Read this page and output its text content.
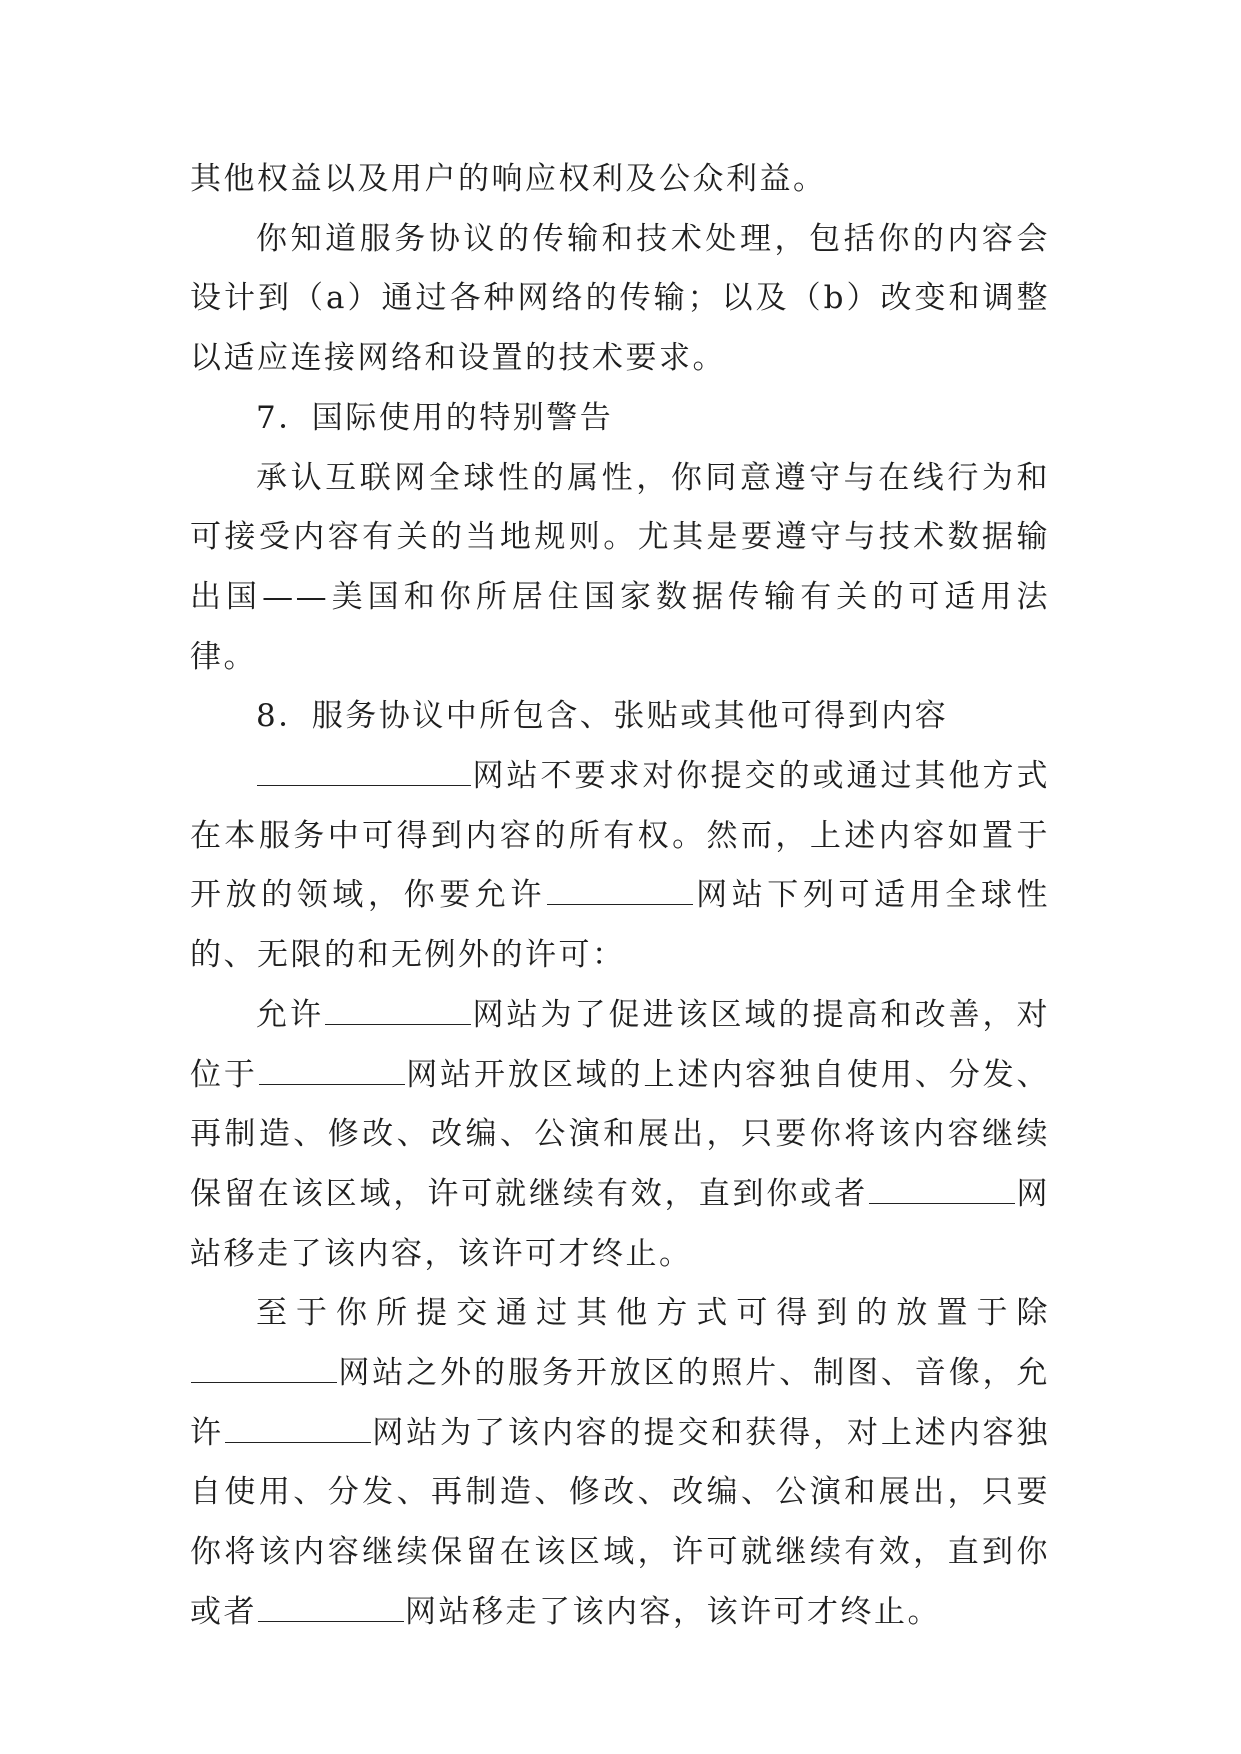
其他权益以及用户的响应权利及公众利益。

你知道服务协议的传输和技术处理，包括你的内容会设计到（a）通过各种网络的传输；以及（b）改变和调整以适应连接网络和设置的技术要求。

7．国际使用的特别警告

承认互联网全球性的属性，你同意遵守与在线行为和可接受内容有关的当地规则。尤其是要遵守与技术数据输出国——美国和你所居住国家数据传输有关的可适用法律。

8．服务协议中所包含、张贴或其他可得到内容

网站不要求对你提交的或通过其他方式在本服务中可得到内容的所有权。然而，上述内容如置于开放的领域，你要允许	网站下列可适用全球性的、无限的和无例外的许可：

允许	网站为了促进该区域的提高和改善，对位于	网站开放区域的上述内容独自使用、分发、再制造、修改、改编、公演和展出，只要你将该内容继续保留在该区域，许可就继续有效，直到你或者	网站移走了该内容，该许可才终止。

至于你所提交通过其他方式可得到的放置于除网站之外的服务开放区的照片、制图、音像，允许	网站为了该内容的提交和获得，对上述内容独自使用、分发、再制造、修改、改编、公演和展出，只要你将该内容继续保留在该区域，许可就继续有效，直到你或者	网站移走了该内容，该许可才终止。
